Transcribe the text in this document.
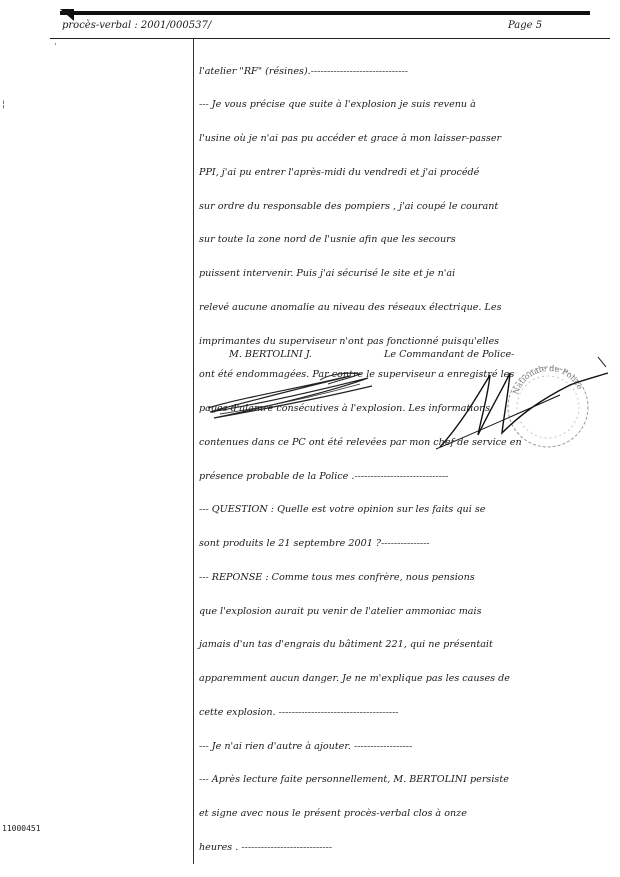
procès-verbal : 2001/000537/	Page 5
·
¦

l'atelier "RF" (résines).------------------------------

--- Je vous précise que suite à l'explosion je suis revenu à

l'usine où je n'ai pas pu accéder et grace à mon laisser-passer

PPI, j'ai pu entrer l'après-midi du vendredi et j'ai procédé

sur ordre du responsable des pompiers , j'ai coupé le courant

sur toute la zone nord de l'usnie afin que les secours

puissent intervenir. Puis j'ai sécurisé le site et je n'ai

relevé aucune anomalie au niveau des réseaux électrique. Les

imprimantes du superviseur n'ont pas fonctionné puisqu'elles

ont été endommagées. Par contre le superviseur a enregistré les

pages d'alamre consécutives à l'explosion. Les informations

contenues dans ce PC ont été relevées par mon chef de service en

présence probable de la Police .-----------------------------

--- QUESTION : Quelle est votre opinion sur les faits qui se

sont produits le 21 septembre 2001 ?---------------

--- REPONSE : Comme tous mes confrère, nous pensions

que l'explosion aurait pu venir de l'atelier ammoniac mais

jamais d'un tas d'engrais du bâtiment 221, qui ne présentait

apparemment aucun danger. Je ne m'explique pas les causes de

cette explosion. -------------------------------------

--- Je n'ai rien d'autre à ajouter. ------------------

--- Après lecture faite personnellement, M. BERTOLINI persiste

et signe avec nous le présent procès-verbal clos à onze

heures . ----------------------------

M. BERTOLINI J.	Le Commandant de Police-
Nationale de Police
11000451
